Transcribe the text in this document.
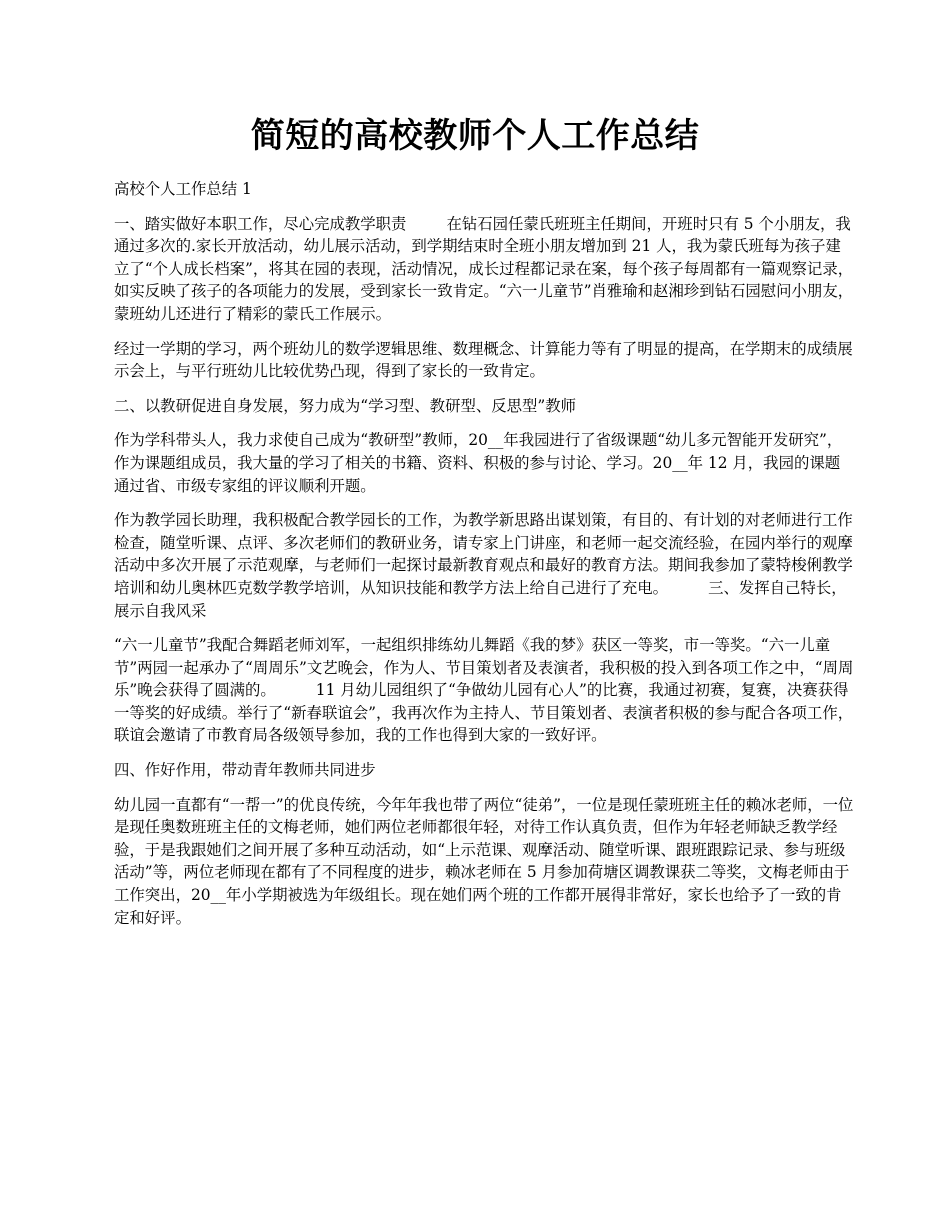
简短的高校教师个人工作总结

高校个人工作总结 1

一、踏实做好本职工作，尽心完成教学职责	在钻石园任蒙氏班班主任期间，开班时只有 5 个小朋友，我通过多次的.家长开放活动，幼儿展示活动，到学期结束时全班小朋友增加到 21 人，我为蒙氏班每为孩子建立了“个人成长档案”，将其在园的表现，活动情况，成长过程都记录在案，每个孩子每周都有一篇观察记录，如实反映了孩子的各项能力的发展，受到家长一致肯定。“六一儿童节”肖雅瑜和赵湘珍到钻石园慰问小朋友，蒙班幼儿还进行了精彩的蒙氏工作展示。

经过一学期的学习，两个班幼儿的数学逻辑思维、数理概念、计算能力等有了明显的提高，在学期末的成绩展示会上，与平行班幼儿比较优势凸现，得到了家长的一致肯定。

二、以教研促进自身发展，努力成为“学习型、教研型、反思型”教师

作为学科带头人，我力求使自己成为“教研型”教师，20__年我园进行了省级课题“幼儿多元智能开发研究”，作为课题组成员，我大量的学习了相关的书籍、资料、积极的参与讨论、学习。20__年 12 月，我园的课题通过省、市级专家组的评议顺利开题。

作为教学园长助理，我积极配合教学园长的工作，为教学新思路出谋划策，有目的、有计划的对老师进行工作检查，随堂听课、点评、多次老师们的教研业务，请专家上门讲座，和老师一起交流经验，在园内举行的观摩活动中多次开展了示范观摩，与老师们一起探讨最新教育观点和最好的教育方法。期间我参加了蒙特梭俐教学培训和幼儿奥林匹克数学教学培训，从知识技能和教学方法上给自己进行了充电。	三、发挥自己特长，展示自我风采

“六一儿童节”我配合舞蹈老师刘军，一起组织排练幼儿舞蹈《我的梦》获区一等奖，市一等奖。“六一儿童节”两园一起承办了“周周乐”文艺晚会，作为人、节目策划者及表演者，我积极的投入到各项工作之中，“周周乐”晚会获得了圆满的。	11 月幼儿园组织了“争做幼儿园有心人”的比赛，我通过初赛，复赛，决赛获得一等奖的好成绩。举行了“新春联谊会”，我再次作为主持人、节目策划者、表演者积极的参与配合各项工作，联谊会邀请了市教育局各级领导参加，我的工作也得到大家的一致好评。

四、作好作用，带动青年教师共同进步

幼儿园一直都有“一帮一”的优良传统，今年年我也带了两位“徒弟”，一位是现任蒙班班主任的赖冰老师，一位是现任奥数班班主任的文梅老师，她们两位老师都很年轻，对待工作认真负责，但作为年轻老师缺乏教学经验，于是我跟她们之间开展了多种互动活动，如“上示范课、观摩活动、随堂听课、跟班跟踪记录、参与班级活动”等，两位老师现在都有了不同程度的进步，赖冰老师在 5 月参加荷塘区调教课获二等奖，文梅老师由于工作突出，20__年小学期被选为年级组长。现在她们两个班的工作都开展得非常好，家长也给予了一致的肯定和好评。
